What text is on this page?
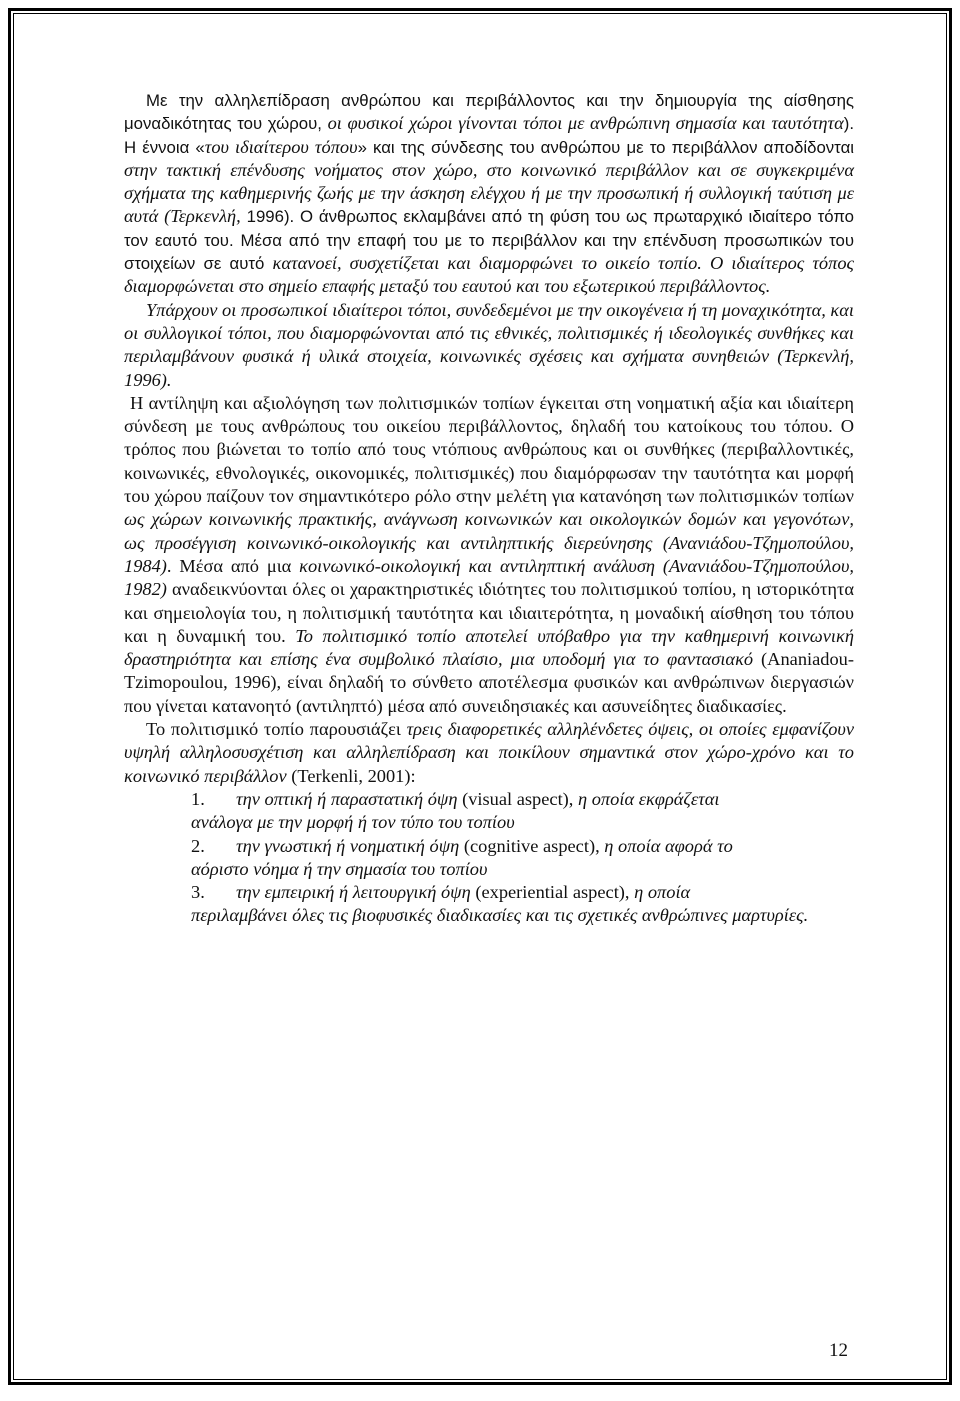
Με την αλληλεπίδραση ανθρώπου και περιβάλλοντος και την δημιουργία της αίσθησης μοναδικότητας του χώρου, οι φυσικοί χώροι γίνονται τόποι με ανθρώπινη σημασία και ταυτότητα). Η έννοια «του ιδιαίτερου τόπου» και της σύνδεσης του ανθρώπου με το περιβάλλον αποδίδονται στην τακτική επένδυσης νοήματος στον χώρο, στο κοινωνικό περιβάλλον και σε συγκεκριμένα σχήματα της καθημερινής ζωής με την άσκηση ελέγχου ή με την προσωπική ή συλλογική ταύτιση με αυτά (Τερκενλή, 1996). Ο άνθρωπος εκλαμβάνει από τη φύση του ως πρωταρχικό ιδιαίτερο τόπο τον εαυτό του. Μέσα από την επαφή του με το περιβάλλον και την επένδυση προσωπικών του στοιχείων σε αυτό κατανοεί, συσχετίζεται και διαμορφώνει το οικείο τοπίο. Ο ιδιαίτερος τόπος διαμορφώνεται στο σημείο επαφής μεταξύ του εαυτού και του εξωτερικού περιβάλλοντος.

Υπάρχουν οι προσωπικοί ιδιαίτεροι τόποι, συνδεδεμένοι με την οικογένεια ή τη μοναχικότητα, και οι συλλογικοί τόποι, που διαμορφώνονται από τις εθνικές, πολιτισμικές ή ιδεολογικές συνθήκες και περιλαμβάνουν φυσικά ή υλικά στοιχεία, κοινωνικές σχέσεις και σχήματα συνηθειών (Τερκενλή, 1996).

Η αντίληψη και αξιολόγηση των πολιτισμικών τοπίων έγκειται στη νοηματική αξία και ιδιαίτερη σύνδεση με τους ανθρώπους του οικείου περιβάλλοντος, δηλαδή του κατοίκους του τόπου. Ο τρόπος που βιώνεται το τοπίο από τους ντόπιους ανθρώπους και οι συνθήκες (περιβαλλοντικές, κοινωνικές, εθνολογικές, οικονομικές, πολιτισμικές) που διαμόρφωσαν την ταυτότητα και μορφή του χώρου παίζουν τον σημαντικότερο ρόλο στην μελέτη για κατανόηση των πολιτισμικών τοπίων ως χώρων κοινωνικής πρακτικής, ανάγνωση κοινωνικών και οικολογικών δομών και γεγονότων, ως προσέγγιση κοινωνικό-οικολογικής και αντιληπτικής διερεύνησης (Ανανιάδου-Τζημοπούλου, 1984). Μέσα από μια κοινωνικό-οικολογική και αντιληπτική ανάλυση (Ανανιάδου-Τζημοπούλου, 1982) αναδεικνύονται όλες οι χαρακτηριστικές ιδιότητες του πολιτισμικού τοπίου, η ιστορικότητα και σημειολογία του, η πολιτισμική ταυτότητα και ιδιαιτερότητα, η μοναδική αίσθηση του τόπου και η δυναμική του. Το πολιτισμικό τοπίο αποτελεί υπόβαθρο για την καθημερινή κοινωνική δραστηριότητα και επίσης ένα συμβολικό πλαίσιο, μια υποδομή για το φαντασιακό (Ananiadou-Tzimopoulou, 1996), είναι δηλαδή το σύνθετο αποτέλεσμα φυσικών και ανθρώπινων διεργασιών που γίνεται κατανοητό (αντιληπτό) μέσα από συνειδησιακές και ασυνείδητες διαδικασίες.

Το πολιτισμικό τοπίο παρουσιάζει τρεις διαφορετικές αλληλένδετες όψεις, οι οποίες εμφανίζουν υψηλή αλληλοσυσχέτιση και αλληλεπίδραση και ποικίλουν σημαντικά στον χώρο-χρόνο και το κοινωνικό περιβάλλον (Terkenli, 2001):

1. την οπτική ή παραστατική όψη (visual aspect), η οποία εκφράζεται

ανάλογα με την μορφή ή τον τύπο του τοπίου

2. την γνωστική ή νοηματική όψη (cognitive aspect), η οποία αφορά το

αόριστο νόημα ή την σημασία του τοπίου

3. την εμπειρική ή λειτουργική όψη (experiential aspect), η οποία

περιλαμβάνει όλες τις βιοφυσικές διαδικασίες και τις σχετικές ανθρώπινες μαρτυρίες.

12
